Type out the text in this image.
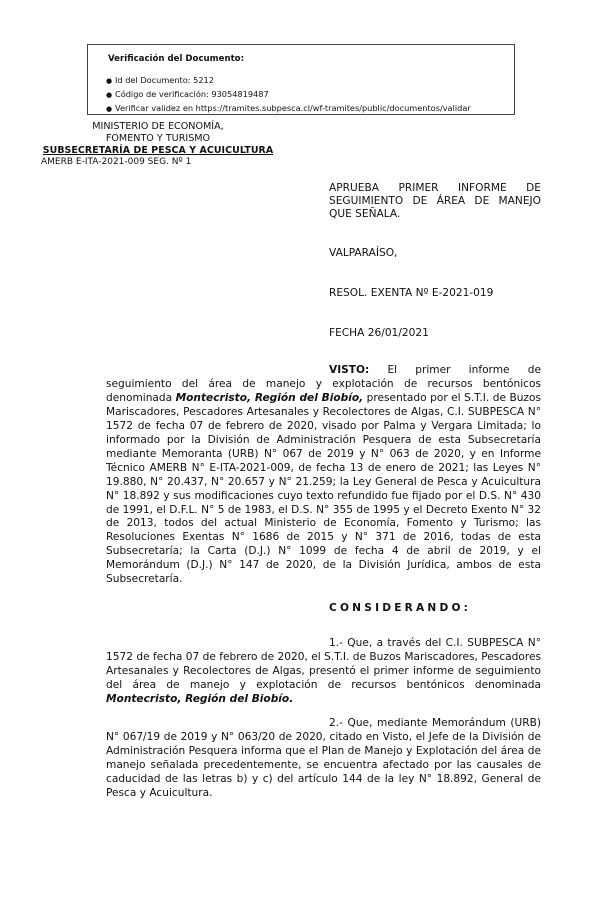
Verificación del Documento:
● Id del Documento: 5212
● Código de verificación: 93054819487
● Verificar validez en https://tramites.subpesca.cl/wf-tramites/public/documentos/validar
MINISTERIO DE ECONOMÍA,
FOMENTO Y TURISMO
SUBSECRETARÍA DE PESCA Y ACUICULTURA
AMERB E-ITA-2021-009 SEG. Nº 1
APRUEBA PRIMER INFORME DE SEGUIMIENTO DE ÁREA DE MANEJO QUE SEÑALA.
VALPARAÍSO,
RESOL. EXENTA Nº E-2021-019
FECHA 26/01/2021

VISTO: El primer informe de seguimiento del área de manejo y explotación de recursos bentónicos denominada Montecristo, Región del Biobío, presentado por el S.T.I. de Buzos Mariscadores, Pescadores Artesanales y Recolectores de Algas, C.I. SUBPESCA N° 1572 de fecha 07 de febrero de 2020, visado por Palma y Vergara Limitada; lo informado por la División de Administración Pesquera de esta Subsecretaría mediante Memoranta (URB) N° 067 de 2019 y N° 063 de 2020, y en Informe Técnico AMERB N° E-ITA-2021-009, de fecha 13 de enero de 2021; las Leyes N° 19.880, N° 20.437, N° 20.657 y N° 21.259; la Ley General de Pesca y Acuicultura N° 18.892 y sus modificaciones cuyo texto refundido fue fijado por el D.S. N° 430 de 1991, el D.F.L. N° 5 de 1983, el D.S. N° 355 de 1995 y el Decreto Exento N° 32 de 2013, todos del actual Ministerio de Economía, Fomento y Turismo; las Resoluciones Exentas N° 1686 de 2015 y N° 371 de 2016, todas de esta Subsecretaría; la Carta (D.J.) N° 1099 de fecha 4 de abril de 2019, y el Memorándum (D.J.) N° 147 de 2020, de la División Jurídica, ambos de esta Subsecretaría.

CONSIDERANDO:

1.- Que, a través del C.I. SUBPESCA N° 1572 de fecha 07 de febrero de 2020, el S.T.I. de Buzos Mariscadores, Pescadores Artesanales y Recolectores de Algas, presentó el primer informe de seguimiento del área de manejo y explotación de recursos bentónicos denominada Montecristo, Región del Biobío.

2.- Que, mediante Memorándum (URB) N° 067/19 de 2019 y N° 063/20 de 2020, citado en Visto, el Jefe de la División de Administración Pesquera informa que el Plan de Manejo y Explotación del área de manejo señalada precedentemente, se encuentra afectado por las causales de caducidad de las letras b) y c) del artículo 144 de la ley N° 18.892, General de Pesca y Acuicultura.
